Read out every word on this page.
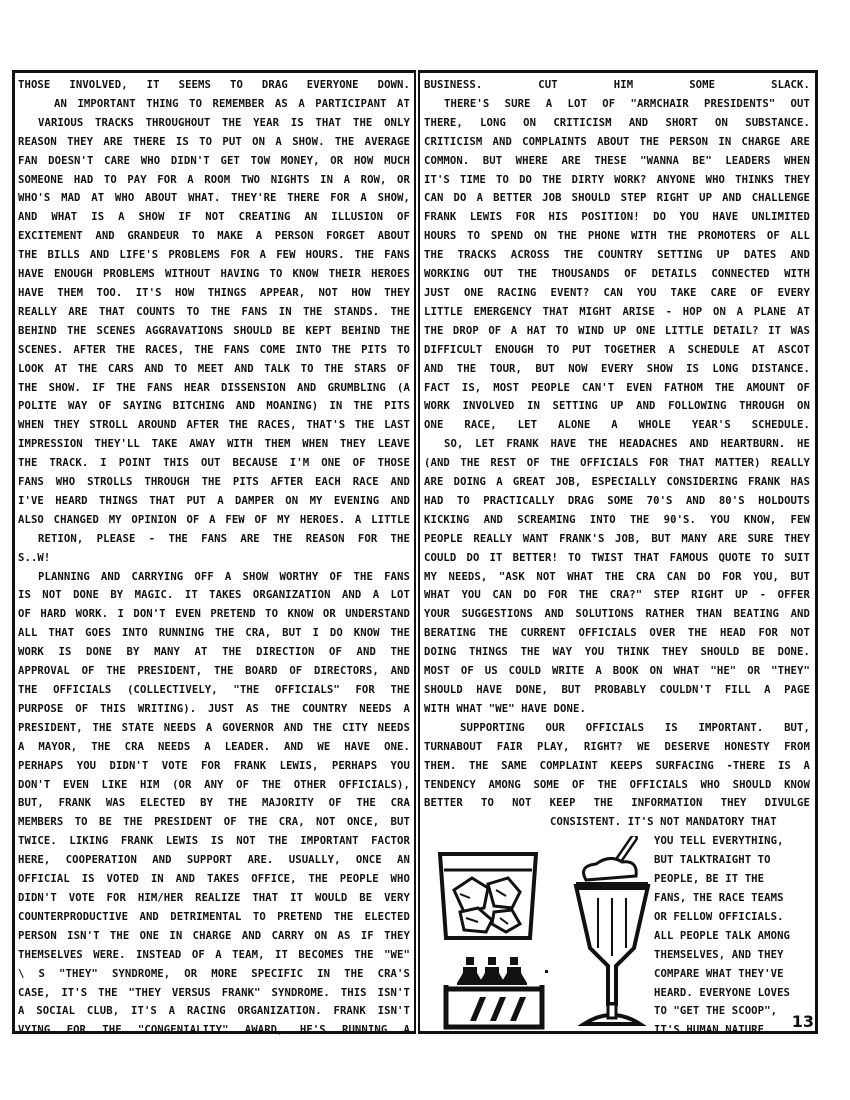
THOSE INVOLVED, IT SEEMS TO DRAG EVERYONE DOWN.
AN IMPORTANT THING TO REMEMBER AS A PARTICIPANT AT
VARIOUS TRACKS THROUGHOUT THE YEAR IS THAT THE ONLY
REASON THEY ARE THERE IS TO PUT ON A SHOW. THE AVERAGE
FAN DOESN'T CARE WHO DIDN'T GET TOW MONEY, OR HOW MUCH
SOMEONE HAD TO PAY FOR A ROOM TWO NIGHTS IN A ROW, OR
WHO'S MAD AT WHO ABOUT WHAT. THEY'RE THERE FOR A SHOW,
AND WHAT IS A SHOW IF NOT CREATING AN ILLUSION OF
EXCITEMENT AND GRANDEUR TO MAKE A PERSON FORGET ABOUT
THE BILLS AND LIFE'S PROBLEMS FOR A FEW HOURS. THE FANS
HAVE ENOUGH PROBLEMS WITHOUT HAVING TO KNOW THEIR HEROES
HAVE THEM TOO. IT'S HOW THINGS APPEAR, NOT HOW THEY
REALLY ARE THAT COUNTS TO THE FANS IN THE STANDS. THE
BEHIND THE SCENES AGGRAVATIONS SHOULD BE KEPT BEHIND THE
SCENES. AFTER THE RACES, THE FANS COME INTO THE PITS TO
LOOK AT THE CARS AND TO MEET AND TALK TO THE STARS OF
THE SHOW. IF THE FANS HEAR DISSENSION AND GRUMBLING (A
POLITE WAY OF SAYING BITCHING AND MOANING) IN THE PITS
WHEN THEY STROLL AROUND AFTER THE RACES, THAT'S THE LAST
IMPRESSION THEY'LL TAKE AWAY WITH THEM WHEN THEY LEAVE
THE TRACK. I POINT THIS OUT BECAUSE I'M ONE OF THOSE
FANS WHO STROLLS THROUGH THE PITS AFTER EACH RACE AND
I'VE HEARD THINGS THAT PUT A DAMPER ON MY EVENING AND
ALSO CHANGED MY OPINION OF A FEW OF MY HEROES. A LITTLE
RETION, PLEASE - THE FANS ARE THE REASON FOR THE
S..W!
PLANNING AND CARRYING OFF A SHOW WORTHY OF THE FANS
IS NOT DONE BY MAGIC. IT TAKES ORGANIZATION AND A LOT
OF HARD WORK. I DON'T EVEN PRETEND TO KNOW OR UNDERSTAND
ALL THAT GOES INTO RUNNING THE CRA, BUT I DO KNOW THE
WORK IS DONE BY MANY AT THE DIRECTION OF AND THE
APPROVAL OF THE PRESIDENT, THE BOARD OF DIRECTORS, AND
THE OFFICIALS (COLLECTIVELY, "THE OFFICIALS" FOR THE
PURPOSE OF THIS WRITING). JUST AS THE COUNTRY NEEDS A
PRESIDENT, THE STATE NEEDS A GOVERNOR AND THE CITY NEEDS
A MAYOR, THE CRA NEEDS A LEADER. AND WE HAVE ONE.
PERHAPS YOU DIDN'T VOTE FOR FRANK LEWIS, PERHAPS YOU
DON'T EVEN LIKE HIM (OR ANY OF THE OTHER OFFICIALS),
BUT, FRANK WAS ELECTED BY THE MAJORITY OF THE CRA
MEMBERS TO BE THE PRESIDENT OF THE CRA, NOT ONCE, BUT
TWICE. LIKING FRANK LEWIS IS NOT THE IMPORTANT FACTOR
HERE, COOPERATION AND SUPPORT ARE. USUALLY, ONCE AN
OFFICIAL IS VOTED IN AND TAKES OFFICE, THE PEOPLE WHO
DIDN'T VOTE FOR HIM/HER REALIZE THAT IT WOULD BE VERY
COUNTERPRODUCTIVE AND DETRIMENTAL TO PRETEND THE ELECTED
PERSON ISN'T THE ONE IN CHARGE AND CARRY ON AS IF THEY
THEMSELVES WERE. INSTEAD OF A TEAM, IT BECOMES THE "WE"
\ S "THEY" SYNDROME, OR MORE SPECIFIC IN THE CRA'S
CASE, IT'S THE "THEY VERSUS FRANK" SYNDROME. THIS ISN'T
A SOCIAL CLUB, IT'S A RACING ORGANIZATION. FRANK ISN'T
VYING FOR THE "CONGENIALITY" AWARD, HE'S RUNNING A
BUSINESS. CUT HIM SOME SLACK.
THERE'S SURE A LOT OF "ARMCHAIR PRESIDENTS" OUT
THERE, LONG ON CRITICISM AND SHORT ON SUBSTANCE.
CRITICISM AND COMPLAINTS ABOUT THE PERSON IN CHARGE ARE
COMMON. BUT WHERE ARE THESE "WANNA BE" LEADERS WHEN
IT'S TIME TO DO THE DIRTY WORK? ANYONE WHO THINKS THEY
CAN DO A BETTER JOB SHOULD STEP RIGHT UP AND CHALLENGE
FRANK LEWIS FOR HIS POSITION! DO YOU HAVE UNLIMITED
HOURS TO SPEND ON THE PHONE WITH THE PROMOTERS OF ALL
THE TRACKS ACROSS THE COUNTRY SETTING UP DATES AND
WORKING OUT THE THOUSANDS OF DETAILS CONNECTED WITH
JUST ONE RACING EVENT? CAN YOU TAKE CARE OF EVERY
LITTLE EMERGENCY THAT MIGHT ARISE - HOP ON A PLANE AT
THE DROP OF A HAT TO WIND UP ONE LITTLE DETAIL? IT WAS
DIFFICULT ENOUGH TO PUT TOGETHER A SCHEDULE AT ASCOT
AND THE TOUR, BUT NOW EVERY SHOW IS LONG DISTANCE.
FACT IS, MOST PEOPLE CAN'T EVEN FATHOM THE AMOUNT OF
WORK INVOLVED IN SETTING UP AND FOLLOWING THROUGH ON
ONE RACE, LET ALONE A WHOLE YEAR'S SCHEDULE.
SO, LET FRANK HAVE THE HEADACHES AND HEARTBURN. HE
(AND THE REST OF THE OFFICIALS FOR THAT MATTER) REALLY
ARE DOING A GREAT JOB, ESPECIALLY CONSIDERING FRANK HAS
HAD TO PRACTICALLY DRAG SOME 70'S AND 80'S HOLDOUTS
KICKING AND SCREAMING INTO THE 90'S. YOU KNOW, FEW
PEOPLE REALLY WANT FRANK'S JOB, BUT MANY ARE SURE THEY
COULD DO IT BETTER! TO TWIST THAT FAMOUS QUOTE TO SUIT
MY NEEDS, "ASK NOT WHAT THE CRA CAN DO FOR YOU, BUT
WHAT YOU CAN DO FOR THE CRA?" STEP RIGHT UP - OFFER
YOUR SUGGESTIONS AND SOLUTIONS RATHER THAN BEATING AND
BERATING THE CURRENT OFFICIALS OVER THE HEAD FOR NOT
DOING THINGS THE WAY YOU THINK THEY SHOULD BE DONE.
MOST OF US COULD WRITE A BOOK ON WHAT "HE" OR "THEY"
SHOULD HAVE DONE, BUT PROBABLY COULDN'T FILL A PAGE
WITH WHAT "WE" HAVE DONE.
SUPPORTING OUR OFFICIALS IS IMPORTANT. BUT,
TURNABOUT FAIR PLAY, RIGHT? WE DESERVE HONESTY FROM
THEM. THE SAME COMPLAINT KEEPS SURFACING -THERE IS A
TENDENCY AMONG SOME OF THE OFFICIALS WHO SHOULD KNOW
BETTER TO NOT KEEP THE INFORMATION THEY DIVULGE
CONSISTENT. IT'S NOT MANDATORY THAT
YOU TELL EVERYTHING,
BUT TALKTRAIGHT TO
PEOPLE, BE IT THE
FANS, THE RACE TEAMS
OR FELLOW OFFICIALS.
ALL PEOPLE TALK AMONG
THEMSELVES, AND THEY
COMPARE WHAT THEY'VE
HEARD. EVERYONE LOVES
TO "GET THE SCOOP",
IT'S HUMAN NATURE.	13
